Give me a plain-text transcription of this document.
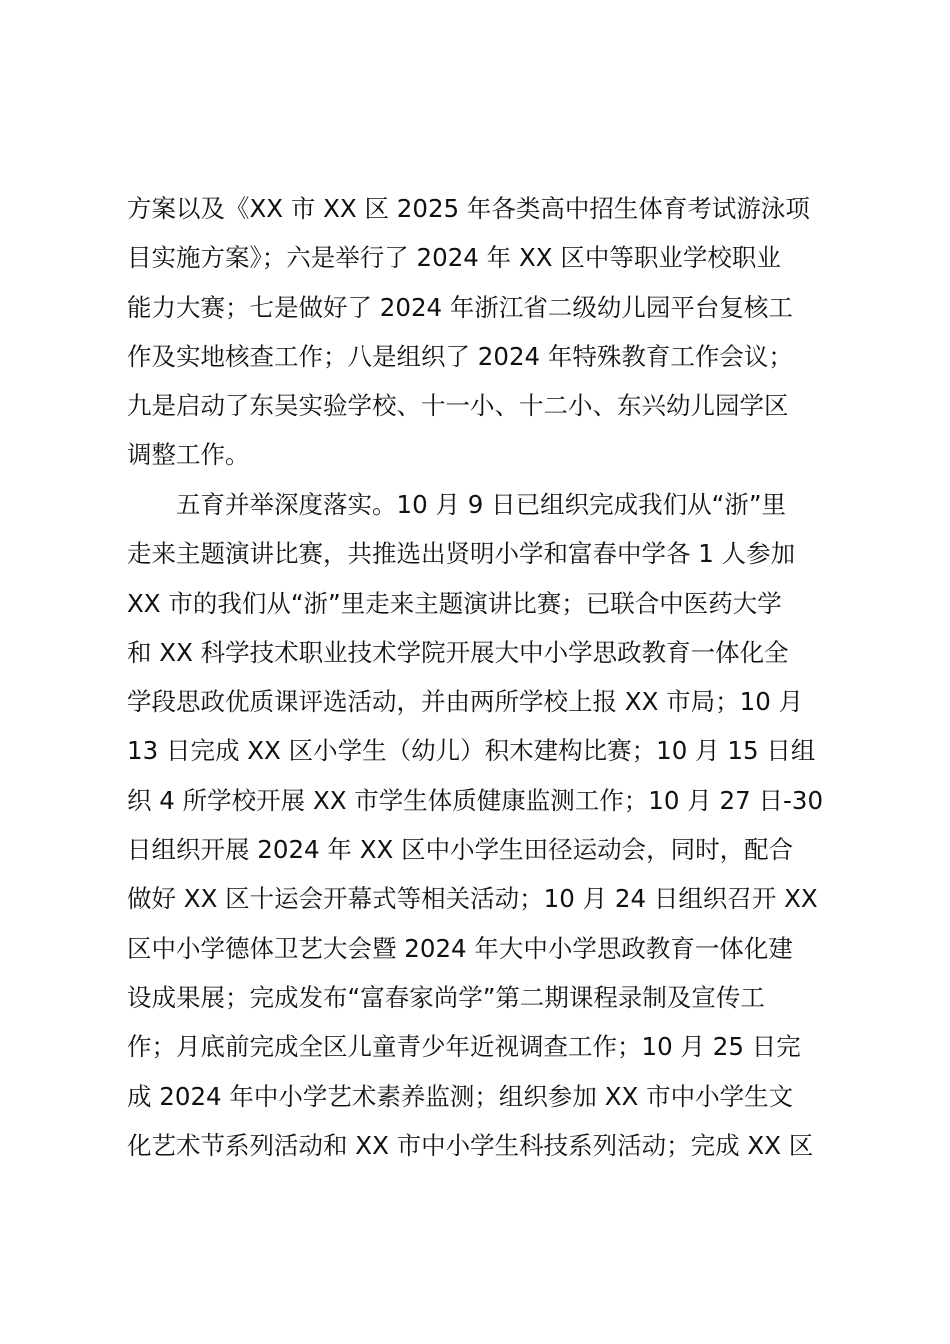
方案以及《XX 市 XX 区 2025 年各类高中招生体育考试游泳项
目实施方案》；六是举行了 2024 年 XX 区中等职业学校职业
能力大赛；七是做好了 2024 年浙江省二级幼儿园平台复核工
作及实地核查工作；八是组织了 2024 年特殊教育工作会议；
九是启动了东吴实验学校、十一小、十二小、东兴幼儿园学区
调整工作。
五育并举深度落实。10 月 9 日已组织完成我们从“浙”里
走来主题演讲比赛，共推选出贤明小学和富春中学各 1 人参加
XX 市的我们从“浙”里走来主题演讲比赛；已联合中医药大学
和 XX 科学技术职业技术学院开展大中小学思政教育一体化全
学段思政优质课评选活动，并由两所学校上报 XX 市局；10 月
13 日完成 XX 区小学生（幼儿）积木建构比赛；10 月 15 日组
织 4 所学校开展 XX 市学生体质健康监测工作；10 月 27 日-30
日组织开展 2024 年 XX 区中小学生田径运动会，同时，配合
做好 XX 区十运会开幕式等相关活动；10 月 24 日组织召开 XX
区中小学德体卫艺大会暨 2024 年大中小学思政教育一体化建
设成果展；完成发布“富春家尚学”第二期课程录制及宣传工
作；月底前完成全区儿童青少年近视调查工作；10 月 25 日完
成 2024 年中小学艺术素养监测；组织参加 XX 市中小学生文
化艺术节系列活动和 XX 市中小学生科技系列活动；完成 XX 区
